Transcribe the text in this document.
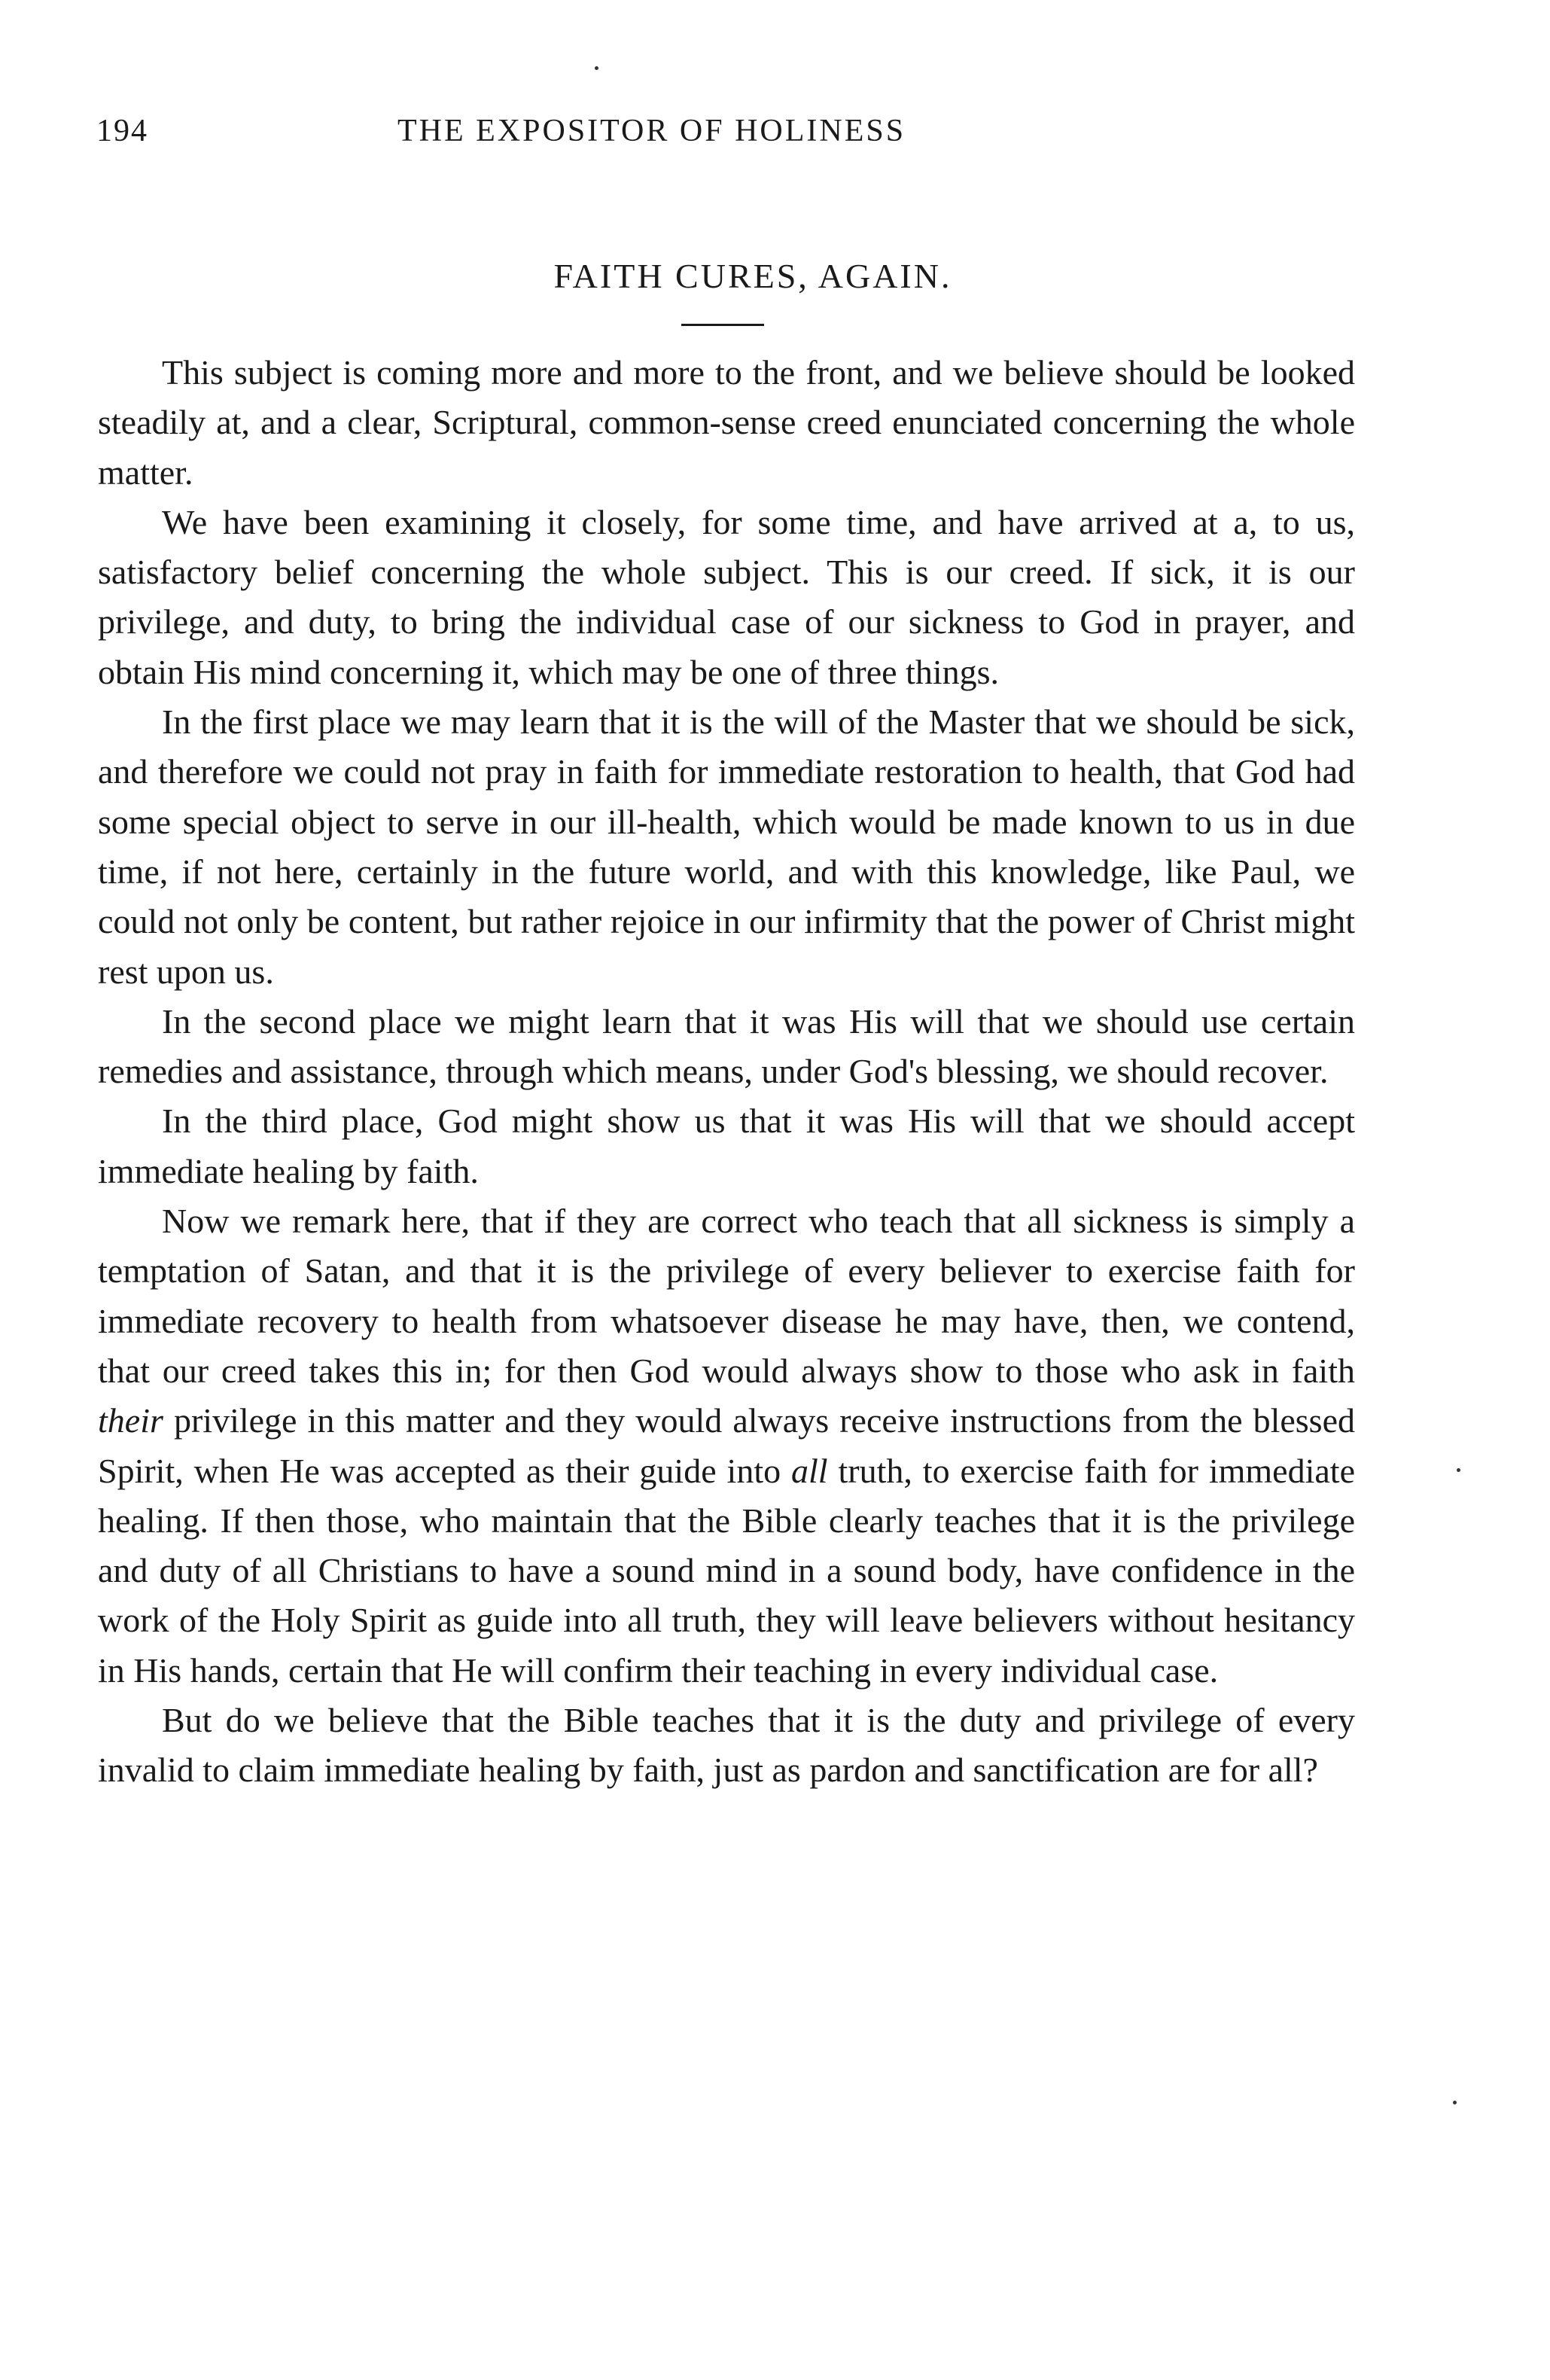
194	THE EXPOSITOR OF HOLINESS
FAITH CURES, AGAIN.

This subject is coming more and more to the front, and we believe should be looked steadily at, and a clear, Scriptural, common-sense creed enunciated concerning the whole matter.

We have been examining it closely, for some time, and have arrived at a, to us, satisfactory belief concerning the whole subject. This is our creed. If sick, it is our privilege, and duty, to bring the individual case of our sickness to God in prayer, and obtain His mind concerning it, which may be one of three things.

In the first place we may learn that it is the will of the Master that we should be sick, and therefore we could not pray in faith for immediate restoration to health, that God had some special object to serve in our ill-health, which would be made known to us in due time, if not here, certainly in the future world, and with this knowledge, like Paul, we could not only be content, but rather rejoice in our infirmity that the power of Christ might rest upon us.

In the second place we might learn that it was His will that we should use certain remedies and assistance, through which means, under God's blessing, we should recover.

In the third place, God might show us that it was His will that we should accept immediate healing by faith.

Now we remark here, that if they are correct who teach that all sickness is simply a temptation of Satan, and that it is the privilege of every believer to exercise faith for immediate recovery to health from whatsoever disease he may have, then, we contend, that our creed takes this in; for then God would always show to those who ask in faith their privilege in this matter and they would always receive instructions from the blessed Spirit, when He was accepted as their guide into all truth, to exercise faith for immediate healing. If then those, who maintain that the Bible clearly teaches that it is the privilege and duty of all Christians to have a sound mind in a sound body, have confidence in the work of the Holy Spirit as guide into all truth, they will leave believers without hesitancy in His hands, certain that He will confirm their teaching in every individual case.

But do we believe that the Bible teaches that it is the duty and privilege of every invalid to claim immediate healing by faith, just as pardon and sanctification are for all?
